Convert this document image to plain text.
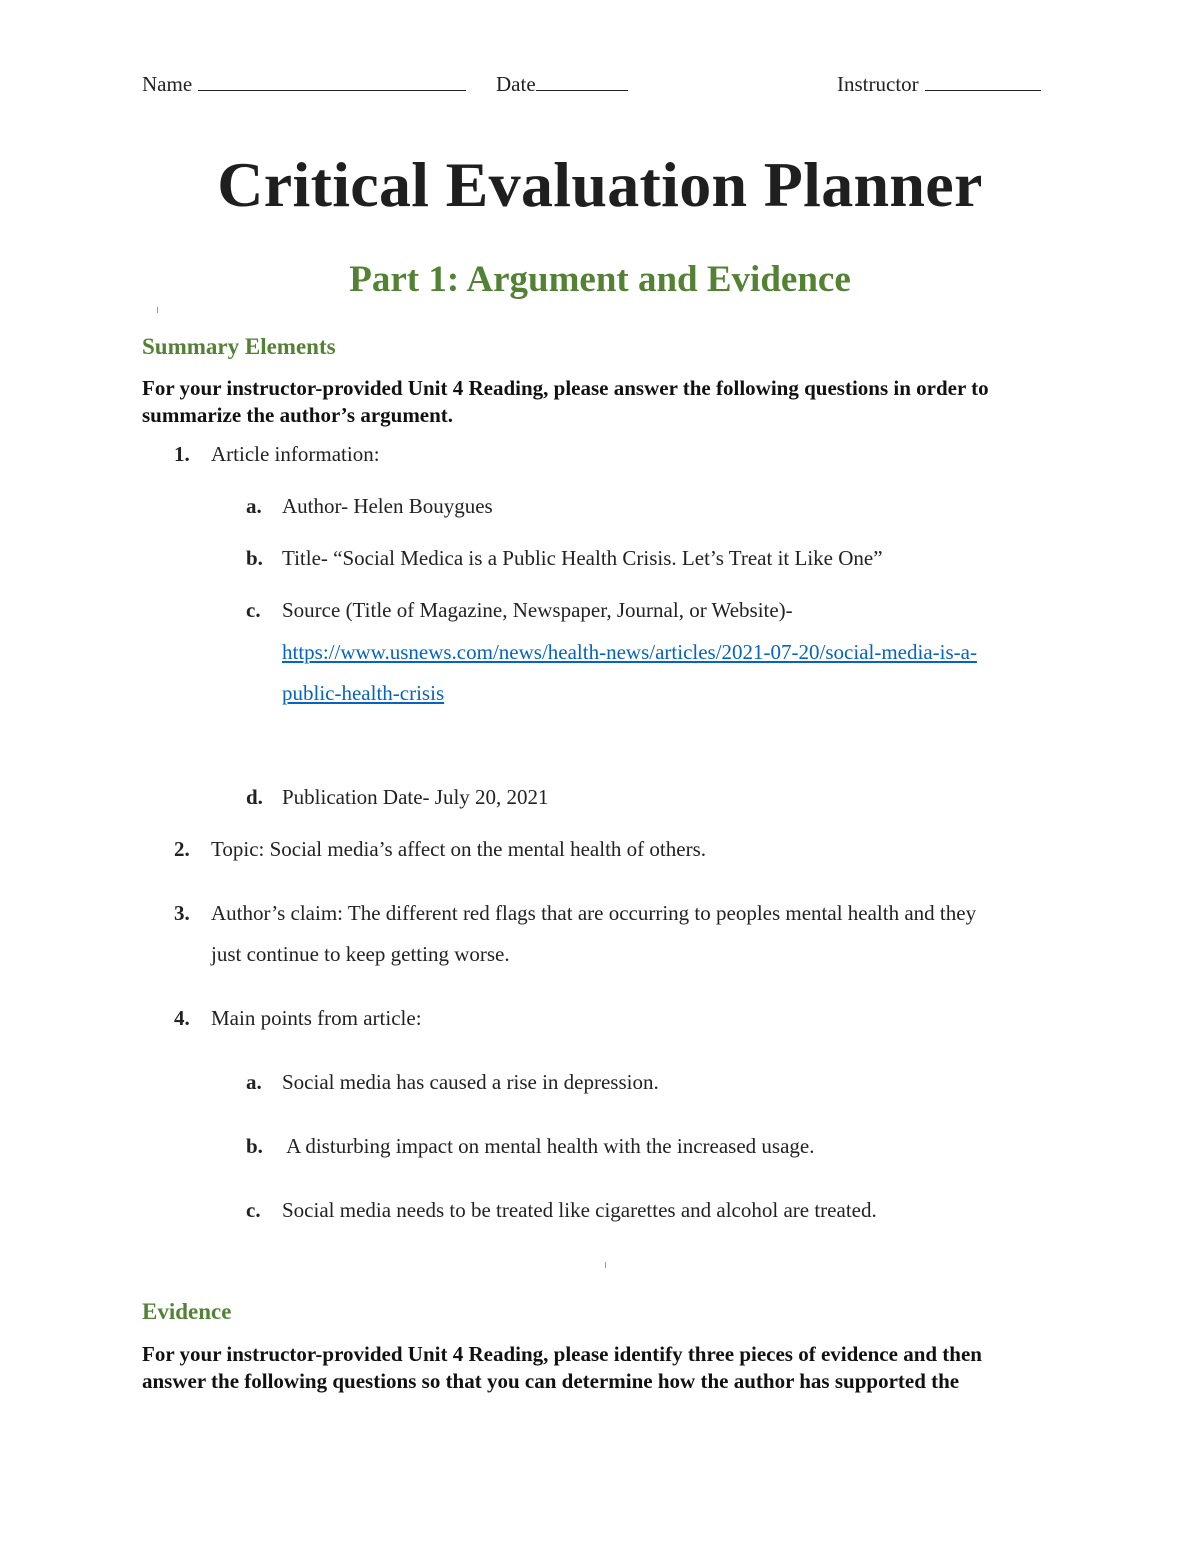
Name	Date	Instructor
Critical Evaluation Planner
Part 1: Argument and Evidence
Summary Elements
For your instructor-provided Unit 4 Reading, please answer the following questions in order to
summarize the author’s argument.
1. Article information:
a. Author- Helen Bouygues
b. Title- “Social Medica is a Public Health Crisis. Let’s Treat it Like One”
c. Source (Title of Magazine, Newspaper, Journal, or Website)-
https://www.usnews.com/news/health-news/articles/2021-07-20/social-media-is-a-
public-health-crisis
d. Publication Date- July 20, 2021
2. Topic: Social media’s affect on the mental health of others.
3. Author’s claim: The different red flags that are occurring to peoples mental health and they
just continue to keep getting worse.
4. Main points from article:
a. Social media has caused a rise in depression.
b. A disturbing impact on mental health with the increased usage.
c. Social media needs to be treated like cigarettes and alcohol are treated.
Evidence
For your instructor-provided Unit 4 Reading, please identify three pieces of evidence and then
answer the following questions so that you can determine how the author has supported the
